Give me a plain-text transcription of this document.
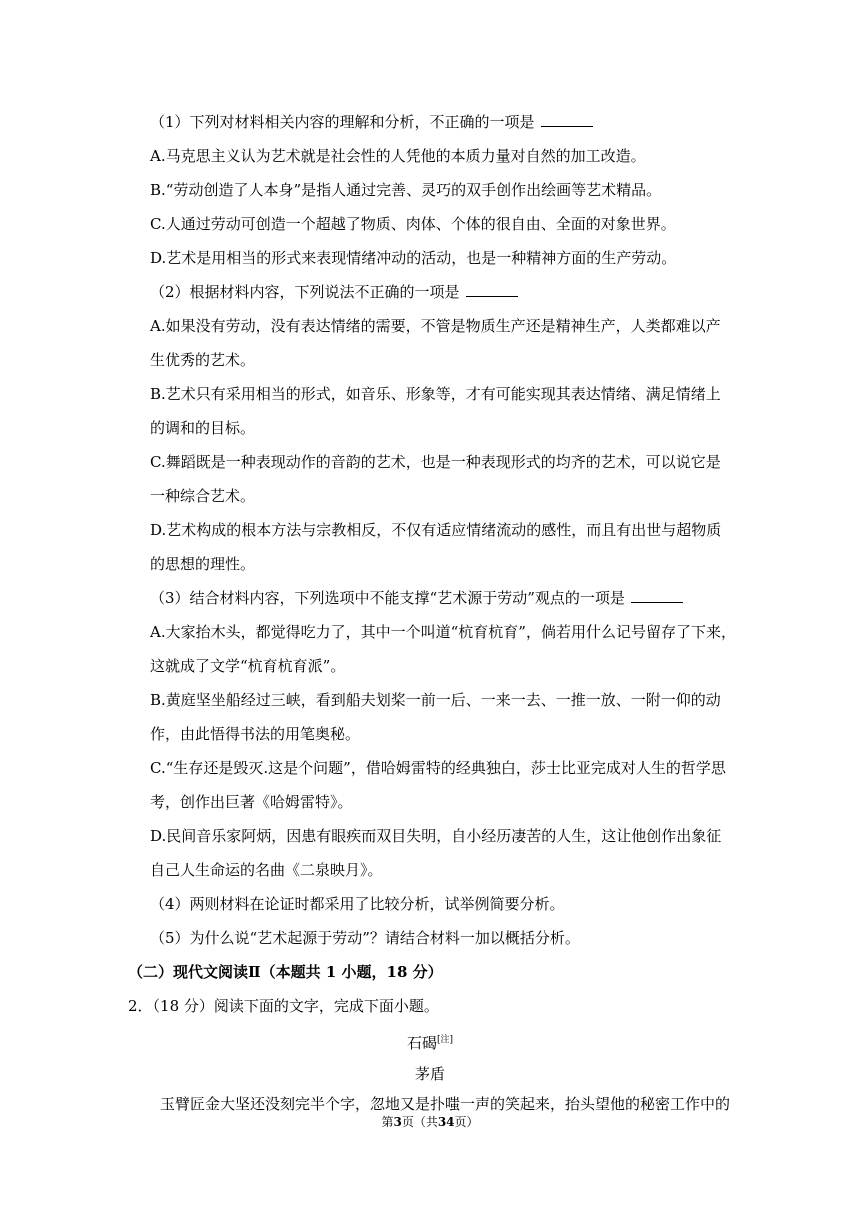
（1）下列对材料相关内容的理解和分析，不正确的一项是
A.马克思主义认为艺术就是社会性的人凭他的本质力量对自然的加工改造。
B.“劳动创造了人本身”是指人通过完善、灵巧的双手创作出绘画等艺术精品。
C.人通过劳动可创造一个超越了物质、肉体、个体的很自由、全面的对象世界。
D.艺术是用相当的形式来表现情绪冲动的活动，也是一种精神方面的生产劳动。
（2）根据材料内容，下列说法不正确的一项是
A.如果没有劳动，没有表达情绪的需要，不管是物质生产还是精神生产，人类都难以产
生优秀的艺术。
B.艺术只有采用相当的形式，如音乐、形象等，才有可能实现其表达情绪、满足情绪上
的调和的目标。
C.舞蹈既是一种表现动作的音韵的艺术，也是一种表现形式的均齐的艺术，可以说它是
一种综合艺术。
D.艺术构成的根本方法与宗教相反，不仅有适应情绪流动的感性，而且有出世与超物质
的思想的理性。
（3）结合材料内容，下列选项中不能支撑“艺术源于劳动”观点的一项是
A.大家抬木头，都觉得吃力了，其中一个叫道“杭育杭育”，倘若用什么记号留存了下来，
这就成了文学“杭育杭育派”。
B.黄庭坚坐船经过三峡，看到船夫划桨一前一后、一来一去、一推一放、一附一仰的动
作，由此悟得书法的用笔奥秘。
C.“生存还是毁灭.这是个问题”，借哈姆雷特的经典独白，莎士比亚完成对人生的哲学思
考，创作出巨著《哈姆雷特》。
D.民间音乐家阿炳，因患有眼疾而双目失明，自小经历凄苦的人生，这让他创作出象征
自己人生命运的名曲《二泉映月》。
（4）两则材料在论证时都采用了比较分析，试举例简要分析。
（5）为什么说“艺术起源于劳动”？请结合材料一加以概括分析。
（二）现代文阅读Ⅱ（本题共 1 小题，18 分）
2．（18 分）阅读下面的文字，完成下面小题。
石碣[注]
茅盾
玉臂匠金大坚还没刻完半个字，忽地又是扑嗤一声的笑起来，抬头望他的秘密工作中的
第3页（共34页）
